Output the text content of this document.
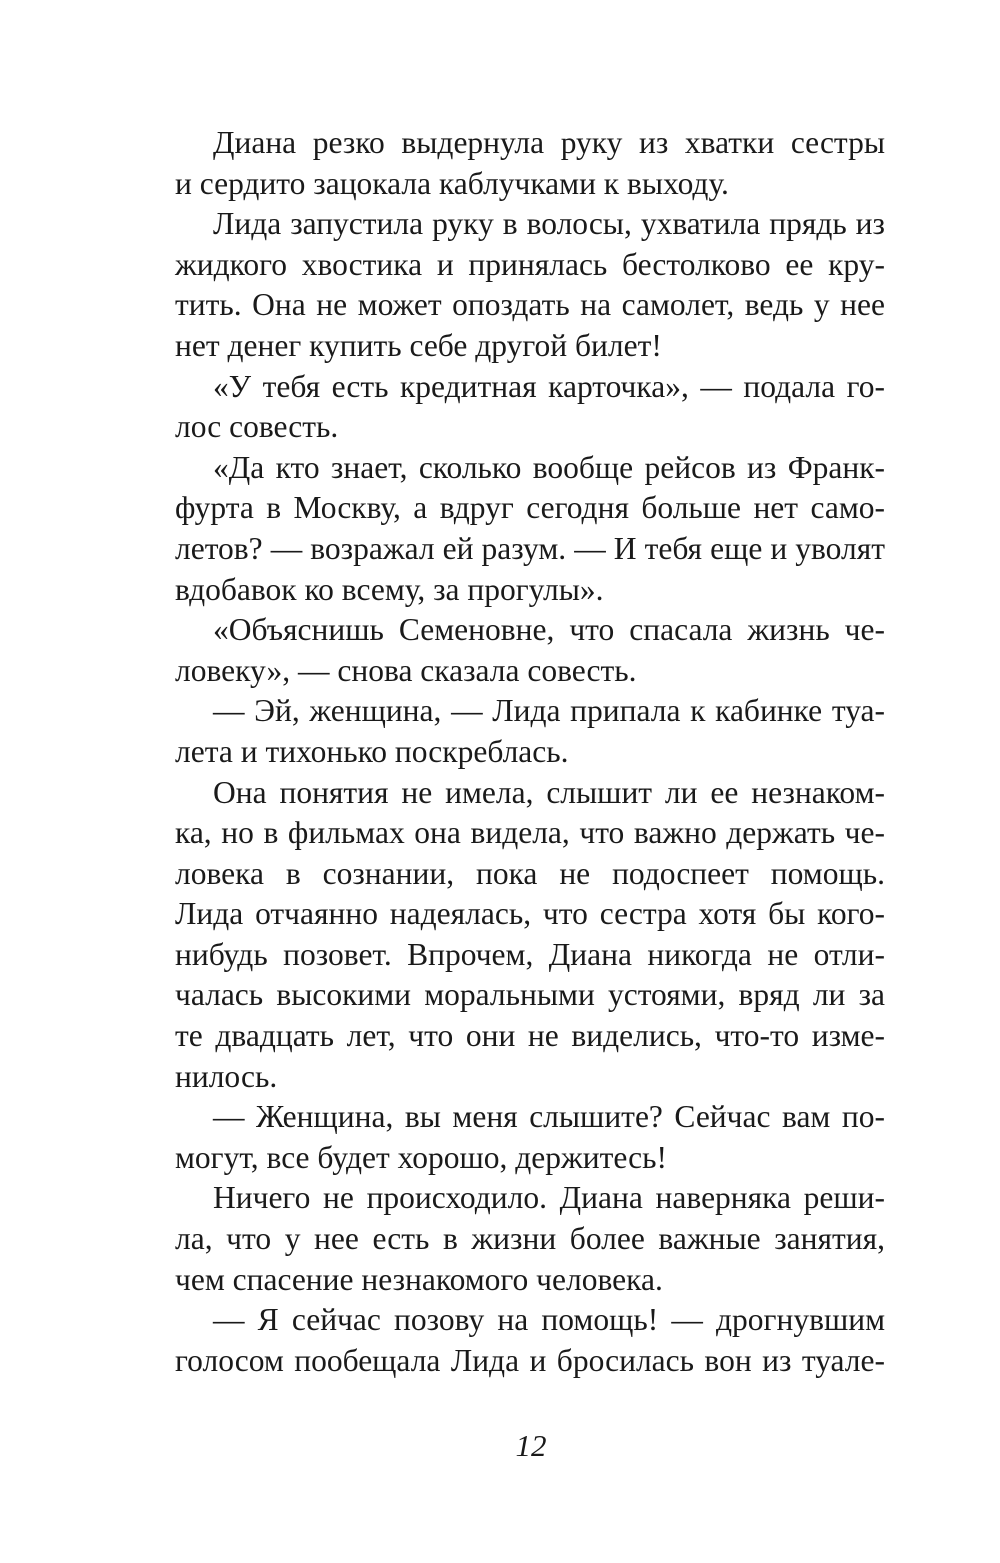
Диана резко выдернула руку из хватки сестры
и сердито зацокала каблучками к выходу.
Лида запустила руку в волосы, ухватила прядь из
жидкого хвостика и принялась бестолково ее кру-
тить. Она не может опоздать на самолет, ведь у нее
нет денег купить себе другой билет!
«У тебя есть кредитная карточка», — подала го-
лос совесть.
«Да кто знает, сколько вообще рейсов из Франк-
фурта в Москву, а вдруг сегодня больше нет само-
летов? — возражал ей разум. — И тебя еще и уволят
вдобавок ко всему, за прогулы».
«Объяснишь Семеновне, что спасала жизнь че-
ловеку», — снова сказала совесть.
— Эй, женщина, — Лида припала к кабинке туа-
лета и тихонько поскреблась.
Она понятия не имела, слышит ли ее незнаком-
ка, но в фильмах она видела, что важно держать че-
ловека в сознании, пока не подоспеет помощь.
Лида отчаянно надеялась, что сестра хотя бы кого-
нибудь позовет. Впрочем, Диана никогда не отли-
чалась высокими моральными устоями, вряд ли за
те двадцать лет, что они не виделись, что-то изме-
нилось.
— Женщина, вы меня слышите? Сейчас вам по-
могут, все будет хорошо, держитесь!
Ничего не происходило. Диана наверняка реши-
ла, что у нее есть в жизни более важные занятия,
чем спасение незнакомого человека.
— Я сейчас позову на помощь! — дрогнувшим
голосом пообещала Лида и бросилась вон из туале-
12
